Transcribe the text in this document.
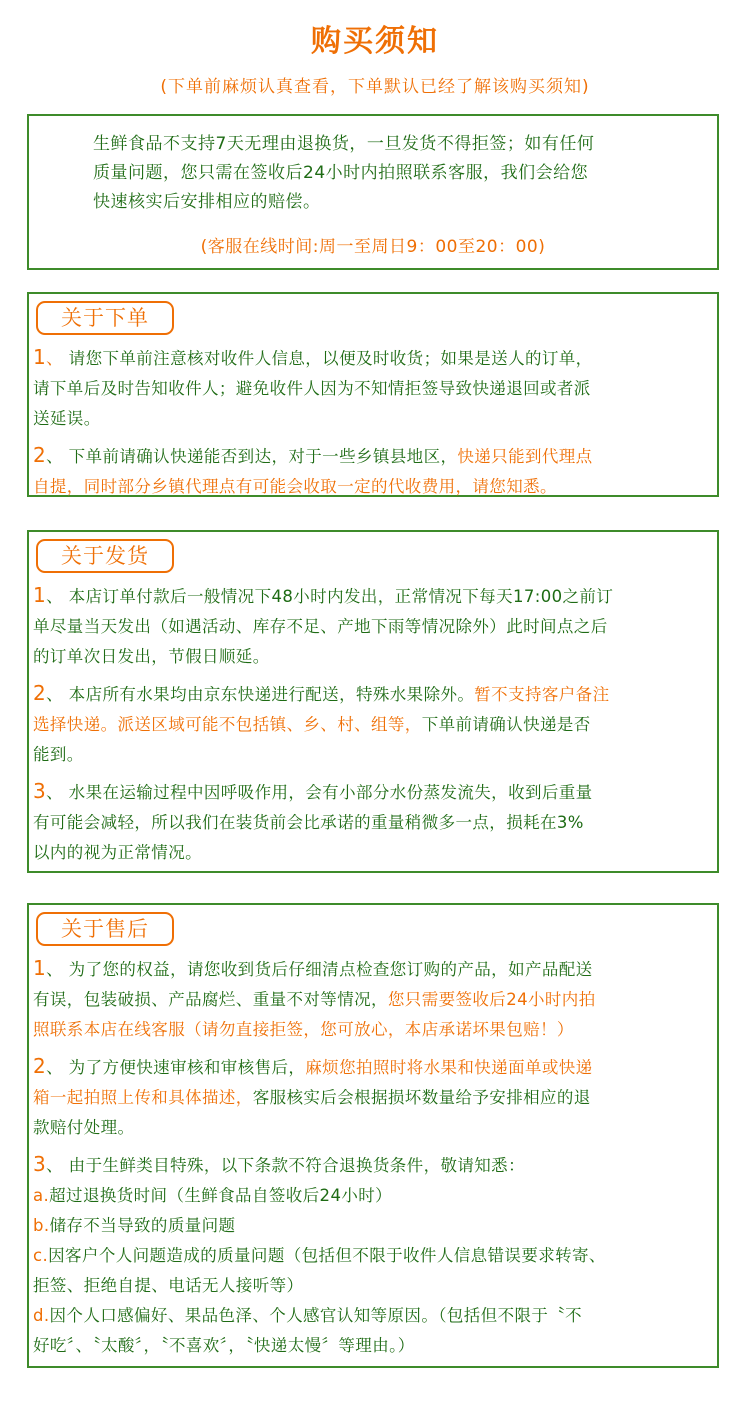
购买须知
(下单前麻烦认真查看，下单默认已经了解该购买须知)
生鲜食品不支持7天无理由退换货，一旦发货不得拒签；如有任何
质量问题，您只需在签收后24小时内拍照联系客服，我们会给您
快速核实后安排相应的赔偿。
(客服在线时间:周一至周日9：00至20：00)
关于下单
1、 请您下单前注意核对收件人信息，以便及时收货；如果是送人的订单，
请下单后及时告知收件人；避免收件人因为不知情拒签导致快递退回或者派
送延误。
2、 下单前请确认快递能否到达，对于一些乡镇县地区，快递只能到代理点
自提，同时部分乡镇代理点有可能会收取一定的代收费用，请您知悉。
关于发货
1、 本店订单付款后一般情况下48小时内发出，正常情况下每天17:00之前订
单尽量当天发出（如遇活动、库存不足、产地下雨等情况除外）此时间点之后
的订单次日发出，节假日顺延。
2、 本店所有水果均由京东快递进行配送，特殊水果除外。暂不支持客户备注
选择快递。派送区域可能不包括镇、乡、村、组等，下单前请确认快递是否
能到。
3、 水果在运输过程中因呼吸作用，会有小部分水份蒸发流失，收到后重量
有可能会减轻，所以我们在装货前会比承诺的重量稍微多一点，损耗在3%
以内的视为正常情况。
关于售后
1、 为了您的权益，请您收到货后仔细清点检查您订购的产品，如产品配送
有误，包装破损、产品腐烂、重量不对等情况，您只需要签收后24小时内拍
照联系本店在线客服（请勿直接拒签，您可放心，本店承诺坏果包赔！）
2、 为了方便快速审核和审核售后，麻烦您拍照时将水果和快递面单或快递
箱一起拍照上传和具体描述，客服核实后会根据损坏数量给予安排相应的退
款赔付处理。
3、 由于生鲜类目特殊，以下条款不符合退换货条件，敬请知悉：
a.超过退换货时间（生鲜食品自签收后24小时）
b.储存不当导致的质量问题
c.因客户个人问题造成的质量问题（包括但不限于收件人信息错误要求转寄、
拒签、拒绝自提、电话无人接听等）
d.因个人口感偏好、果品色泽、个人感官认知等原因。（包括但不限于〝不
好吃〞、〝太酸〞，〝不喜欢〞，〝快递太慢〞等理由。）
